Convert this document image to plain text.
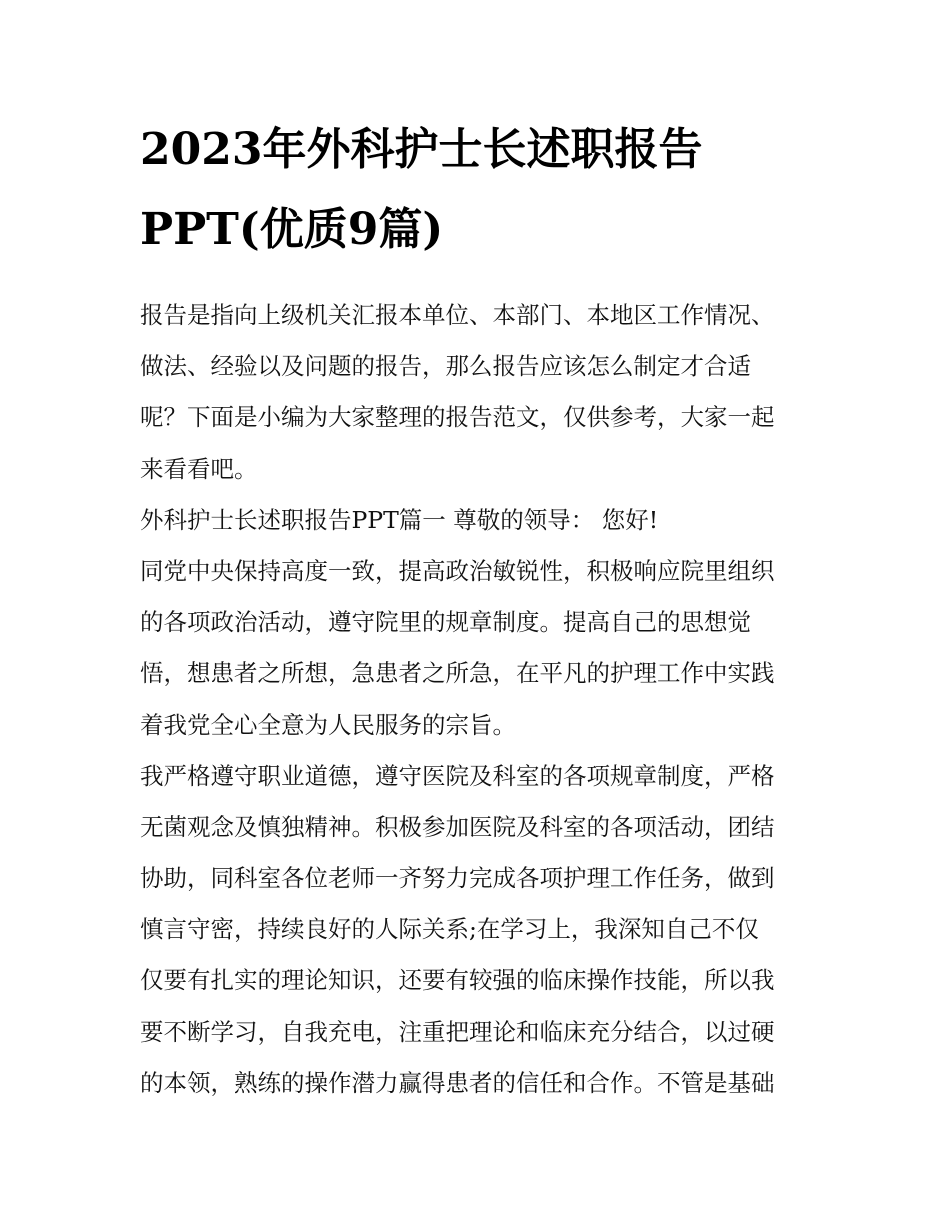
2023年外科护士长述职报告
PPT(优质9篇)
报告是指向上级机关汇报本单位、本部门、本地区工作情况、
做法、经验以及问题的报告，那么报告应该怎么制定才合适
呢？下面是小编为大家整理的报告范文，仅供参考，大家一起
来看看吧。
外科护士长述职报告PPT篇一 尊敬的领导： 您好!
同党中央保持高度一致，提高政治敏锐性，积极响应院里组织
的各项政治活动，遵守院里的规章制度。提高自己的思想觉
悟，想患者之所想，急患者之所急，在平凡的护理工作中实践
着我党全心全意为人民服务的宗旨。
我严格遵守职业道德，遵守医院及科室的各项规章制度，严格
无菌观念及慎独精神。积极参加医院及科室的各项活动，团结
协助，同科室各位老师一齐努力完成各项护理工作任务，做到
慎言守密，持续良好的人际关系;在学习上，我深知自己不仅
仅要有扎实的理论知识，还要有较强的临床操作技能，所以我
要不断学习，自我充电，注重把理论和临床充分结合，以过硬
的本领，熟练的操作潜力赢得患者的信任和合作。不管是基础
